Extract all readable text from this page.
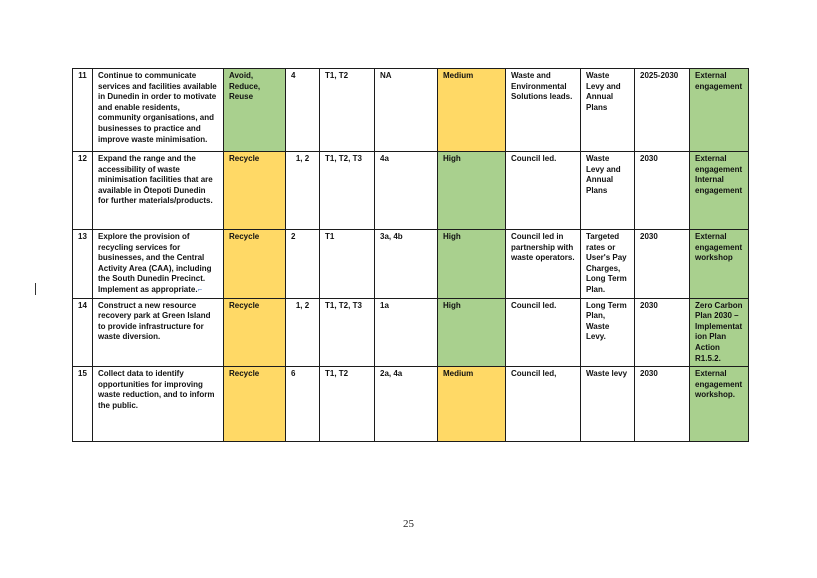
11	Continue to communicate services and facilities available in Dunedin in order to motivate and enable residents, community organisations, and businesses to practice and improve waste minimisation.	Avoid, Reduce, Reuse	4	T1, T2	NA	Medium	Waste and Environmental Solutions leads.	Waste Levy and Annual Plans	2025-2030	External engagement
12	Expand the range and the accessibility of waste minimisation facilities that are available in Ōtepoti Dunedin for further materials/products.	Recycle	1, 2	T1, T2, T3	4a	High	Council led.	Waste Levy and Annual Plans	2030	External engagement Internal engagement
13	Explore the provision of recycling services for businesses, and the Central Activity Area (CAA), including the South Dunedin Precinct. Implement as appropriate.⌐	Recycle	2	T1	3a, 4b	High	Council led in partnership with waste operators.	Targeted rates or User's Pay Charges, Long Term Plan.	2030	External engagement workshop
14	Construct a new resource recovery park at Green Island to provide infrastructure for waste diversion.	Recycle	1, 2	T1, T2, T3	1a	High	Council led.	Long Term Plan, Waste Levy.	2030	Zero Carbon Plan 2030 – Implementation Plan Action R1.5.2.
15	Collect data to identify opportunities for improving waste reduction, and to inform the public.	Recycle	6	T1, T2	2a, 4a	Medium	Council led,	Waste levy	2030	External engagement workshop.
25
